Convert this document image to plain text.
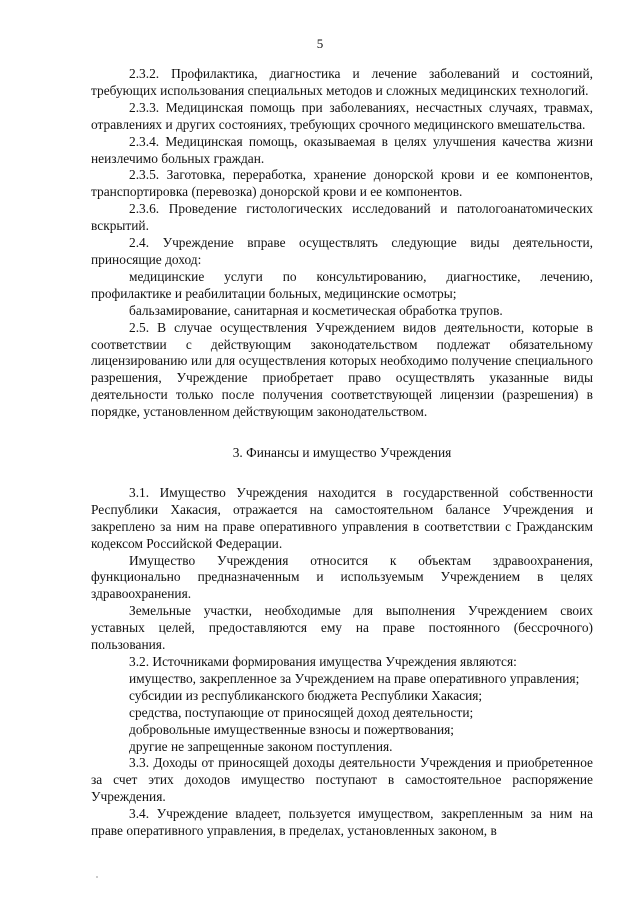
5

2.3.2. Профилактика, диагностика и лечение заболеваний и состояний, требующих использования специальных методов и сложных медицинских технологий.

2.3.3. Медицинская помощь при заболеваниях, несчастных случаях, травмах, отравлениях и других состояниях, требующих срочного медицинского вмешательства.

2.3.4. Медицинская помощь, оказываемая в целях улучшения качества жизни неизлечимо больных граждан.

2.3.5. Заготовка, переработка, хранение донорской крови и ее компонентов, транспортировка (перевозка) донорской крови и ее компонентов.

2.3.6. Проведение гистологических исследований и патологоанатомических вскрытий.

2.4. Учреждение вправе осуществлять следующие виды деятельности, приносящие доход:

медицинские услуги по консультированию, диагностике, лечению, профилактике и реабилитации больных, медицинские осмотры;

бальзамирование, санитарная и косметическая обработка трупов.

2.5. В случае осуществления Учреждением видов деятельности, которые в соответствии с действующим законодательством подлежат обязательному лицензированию или для осуществления которых необходимо получение специального разрешения, Учреждение приобретает право осуществлять указанные виды деятельности только после получения соответствующей лицензии (разрешения) в порядке, установленном действующим законодательством.

3. Финансы и имущество Учреждения

3.1. Имущество Учреждения находится в государственной собственности Республики Хакасия, отражается на самостоятельном балансе Учреждения и закреплено за ним на праве оперативного управления в соответствии с Гражданским кодексом Российской Федерации.

Имущество Учреждения относится к объектам здравоохранения, функционально предназначенным и используемым Учреждением в целях здравоохранения.

Земельные участки, необходимые для выполнения Учреждением своих уставных целей, предоставляются ему на праве постоянного (бессрочного) пользования.

3.2. Источниками формирования имущества Учреждения являются:

имущество, закрепленное за Учреждением на праве оперативного управления;

субсидии из республиканского бюджета Республики Хакасия;

средства, поступающие от приносящей доход деятельности;

добровольные имущественные взносы и пожертвования;

другие не запрещенные законом поступления.

3.3. Доходы от приносящей доходы деятельности Учреждения и приобретенное за счет этих доходов имущество поступают в самостоятельное распоряжение Учреждения.

3.4. Учреждение владеет, пользуется имуществом, закрепленным за ним на праве оперативного управления, в пределах, установленных законом, в
